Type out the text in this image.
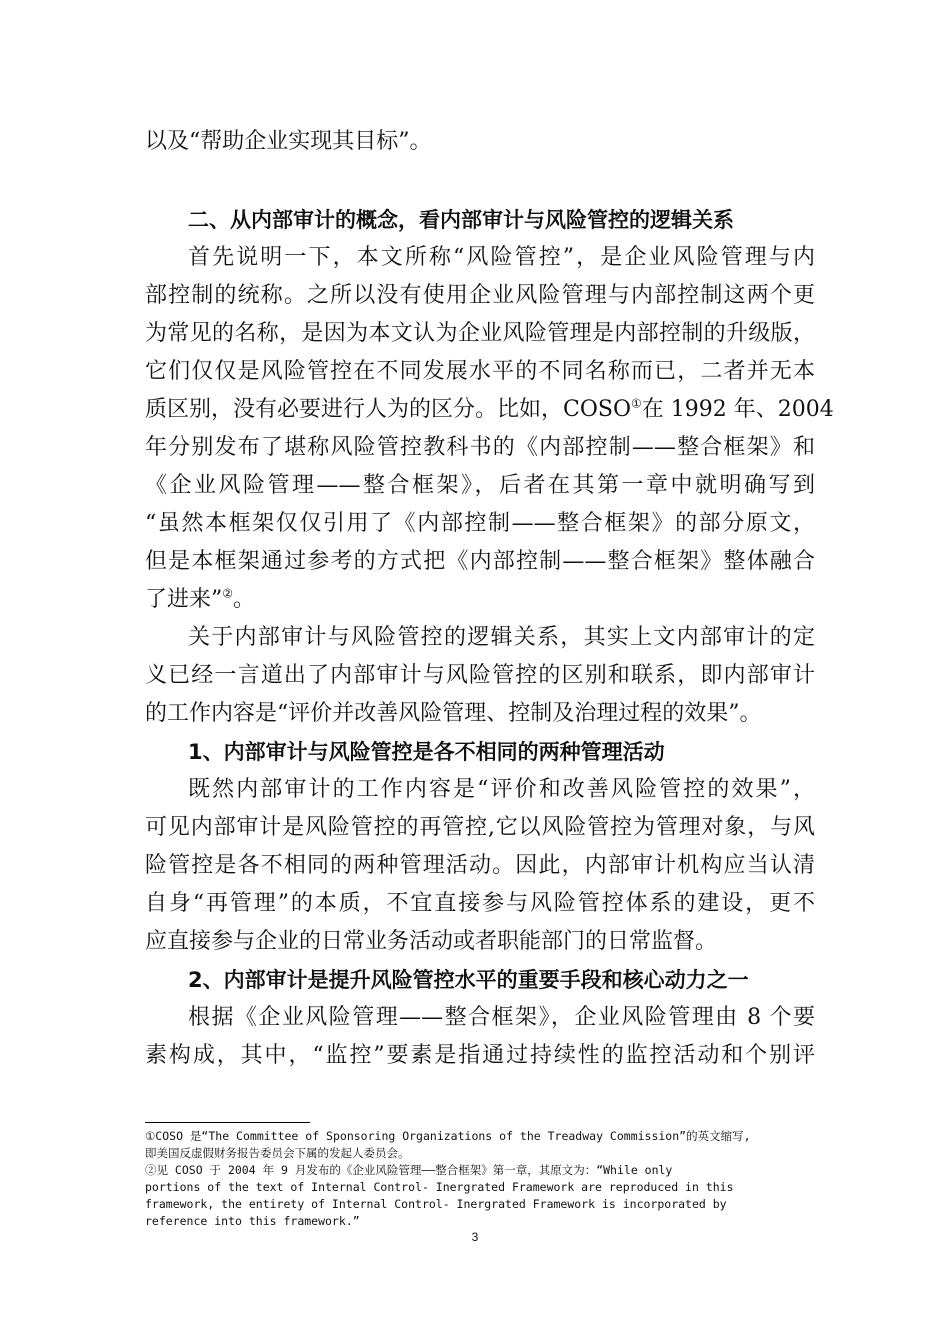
以及“帮助企业实现其目标”。
二、从内部审计的概念，看内部审计与风险管控的逻辑关系
首先说明一下，本文所称“风险管控”，是企业风险管理与内
部控制的统称。之所以没有使用企业风险管理与内部控制这两个更
为常见的名称，是因为本文认为企业风险管理是内部控制的升级版，
它们仅仅是风险管控在不同发展水平的不同名称而已，二者并无本
质区别，没有必要进行人为的区分。比如，COSO①在 1992 年、2004
年分别发布了堪称风险管控教科书的《内部控制——整合框架》和
《企业风险管理——整合框架》，后者在其第一章中就明确写到
“虽然本框架仅仅引用了《内部控制——整合框架》的部分原文，
但是本框架通过参考的方式把《内部控制——整合框架》整体融合
了进来”②。
关于内部审计与风险管控的逻辑关系，其实上文内部审计的定
义已经一言道出了内部审计与风险管控的区别和联系，即内部审计
的工作内容是“评价并改善风险管理、控制及治理过程的效果”。
1、内部审计与风险管控是各不相同的两种管理活动
既然内部审计的工作内容是“评价和改善风险管控的效果”，
可见内部审计是风险管控的再管控,它以风险管控为管理对象，与风
险管控是各不相同的两种管理活动。因此，内部审计机构应当认清
自身“再管理”的本质，不宜直接参与风险管控体系的建设，更不
应直接参与企业的日常业务活动或者职能部门的日常监督。
2、内部审计是提升风险管控水平的重要手段和核心动力之一
根据《企业风险管理——整合框架》，企业风险管理由 8 个要
素构成，其中，“监控”要素是指通过持续性的监控活动和个别评
①COSO 是“The Committee of Sponsoring Organizations of the Treadway Commission”的英文缩写,
即美国反虚假财务报告委员会下属的发起人委员会。
②见 COSO 于 2004 年 9 月发布的《企业风险管理——整合框架》第一章，其原文为：“While only
portions of the text of Internal Control- Inergrated Framework are reproduced in this
framework, the entirety of Internal Control- Inergrated Framework is incorporated by
reference into this framework.”
3
